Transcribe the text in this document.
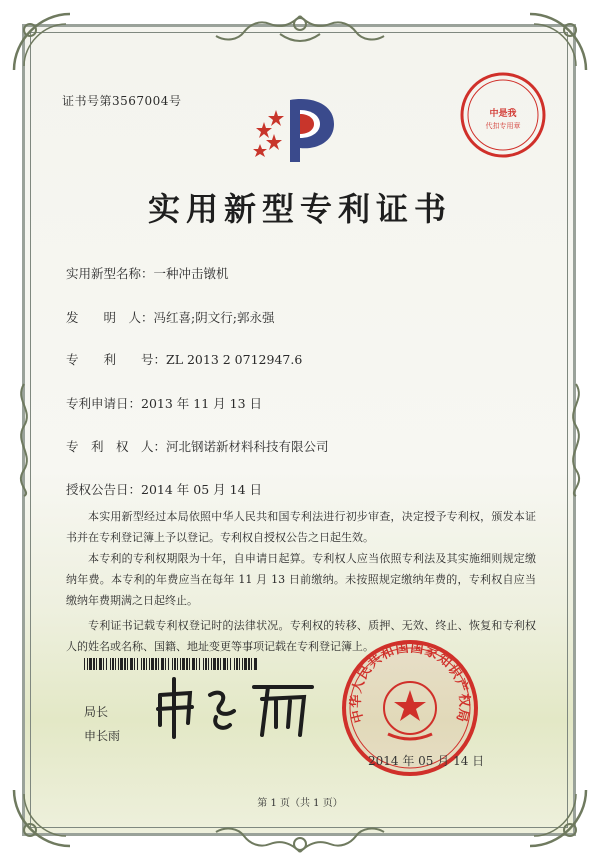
证书号第3567004号
中是我
代扣专用章
实用新型专利证书
实用新型名称：一种冲击镦机
发　　明　人：冯红喜;阴文行;郭永强
专　　利　　号：ZL 2013 2 0712947.6
专利申请日：2013 年 11 月 13 日
专　利　权　人：河北钢诺新材料科技有限公司
授权公告日：2014 年 05 月 14 日

本实用新型经过本局依照中华人民共和国专利法进行初步审查，决定授予专利权，颁发本证书并在专利登记簿上予以登记。专利权自授权公告之日起生效。

本专利的专利权期限为十年，自申请日起算。专利权人应当依照专利法及其实施细则规定缴纳年费。本专利的年费应当在每年 11 月 13 日前缴纳。未按照规定缴纳年费的，专利权自应当缴纳年费期满之日起终止。

专利证书记载专利权登记时的法律状况。专利权的转移、质押、无效、终止、恢复和专利权人的姓名或名称、国籍、地址变更等事项记载在专利登记簿上。

局长
申长雨
中华人民共和国国家知识产权局
2014 年 05 月 14 日
第 1 页（共 1 页）
